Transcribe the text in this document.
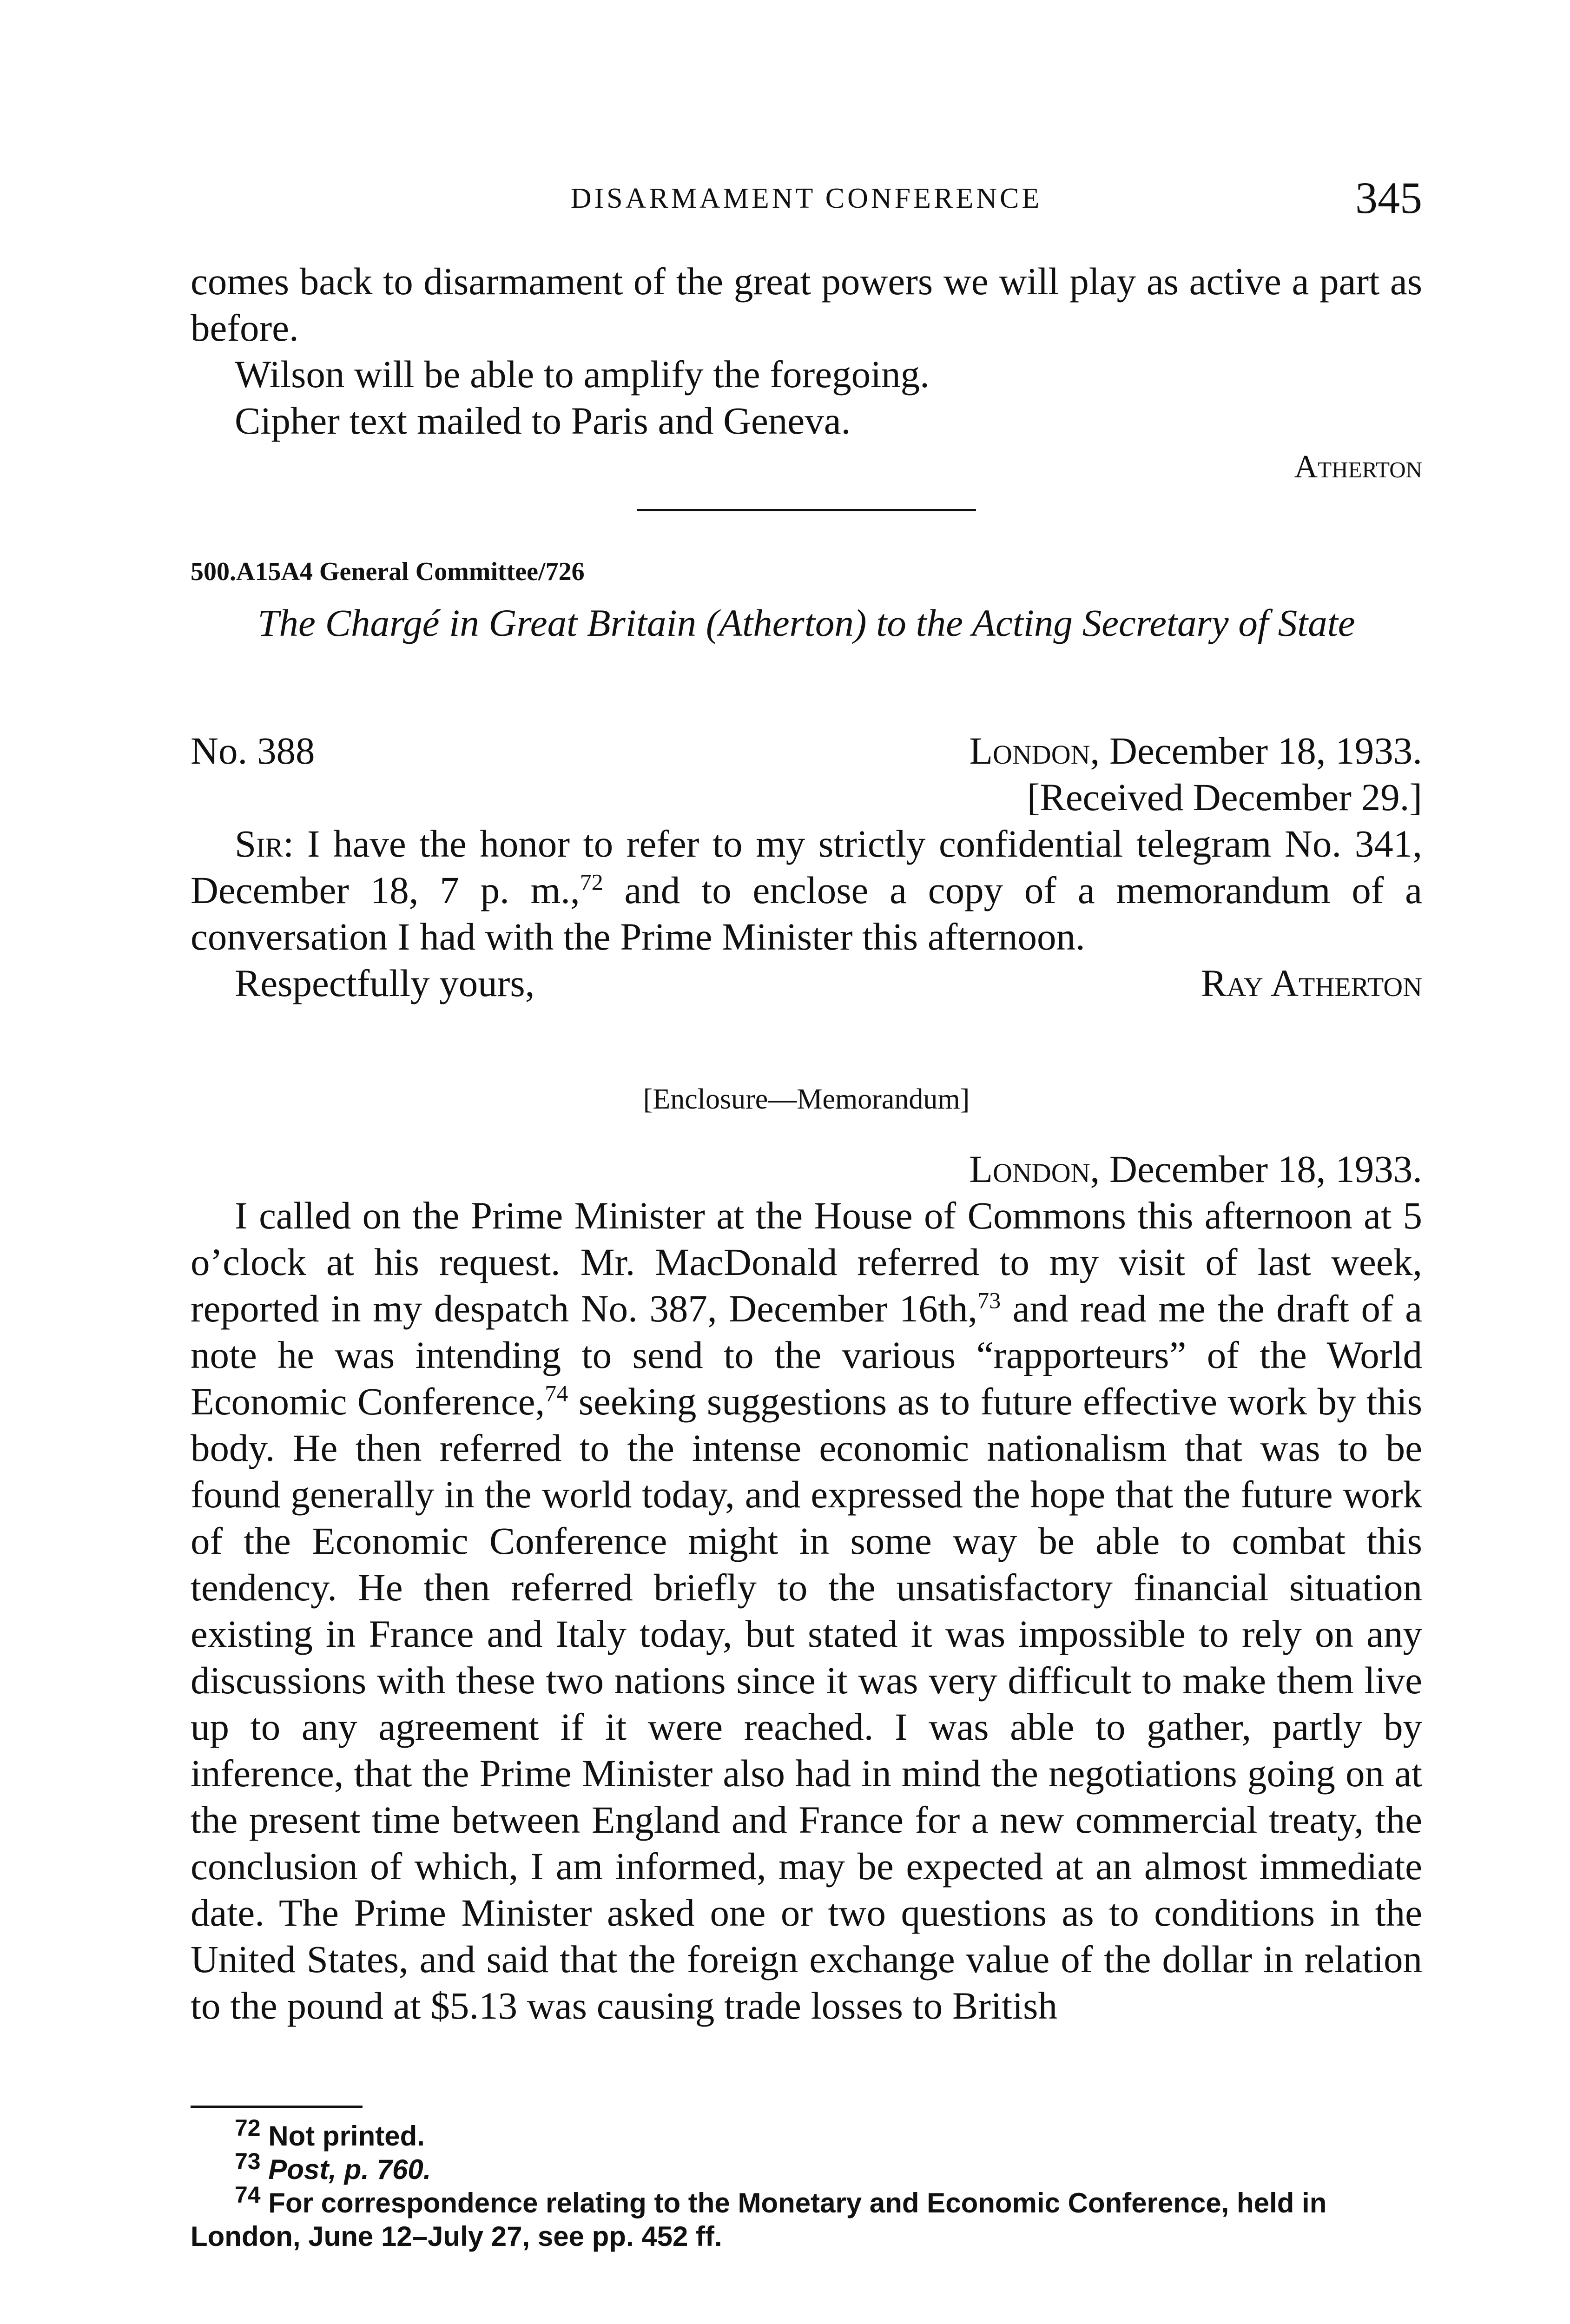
DISARMAMENT CONFERENCE	345
comes back to disarmament of the great powers we will play as active a part as before.
Wilson will be able to amplify the foregoing.
Cipher text mailed to Paris and Geneva.
Atherton
500.A15A4 General Committee/726
The Chargé in Great Britain (Atherton) to the Acting Secretary of State
No. 388	London, December 18, 1933.
[Received December 29.]
Sir: I have the honor to refer to my strictly confidential telegram No. 341, December 18, 7 p. m.,$^{72}$ and to enclose a copy of a memorandum of a conversation I had with the Prime Minister this afternoon.
Respectfully yours,	Ray Atherton
[Enclosure—Memorandum]
London, December 18, 1933.
I called on the Prime Minister at the House of Commons this afternoon at 5 o’clock at his request. Mr. MacDonald referred to my visit of last week, reported in my despatch No. 387, December 16th,$^{73}$ and read me the draft of a note he was intending to send to the various “rapporteurs” of the World Economic Conference,$^{74}$ seeking suggestions as to future effective work by this body. He then referred to the intense economic nationalism that was to be found generally in the world today, and expressed the hope that the future work of the Economic Conference might in some way be able to combat this tendency. He then referred briefly to the unsatisfactory financial situation existing in France and Italy today, but stated it was impossible to rely on any discussions with these two nations since it was very difficult to make them live up to any agreement if it were reached. I was able to gather, partly by inference, that the Prime Minister also had in mind the negotiations going on at the present time between England and France for a new commercial treaty, the conclusion of which, I am informed, may be expected at an almost immediate date. The Prime Minister asked one or two questions as to conditions in the United States, and said that the foreign exchange value of the dollar in relation to the pound at $5.13 was causing trade losses to British
$^{72}$ Not printed.
$^{73}$ Post, p. 760.
$^{74}$ For correspondence relating to the Monetary and Economic Conference, held in London, June 12–July 27, see pp. 452 ff.
